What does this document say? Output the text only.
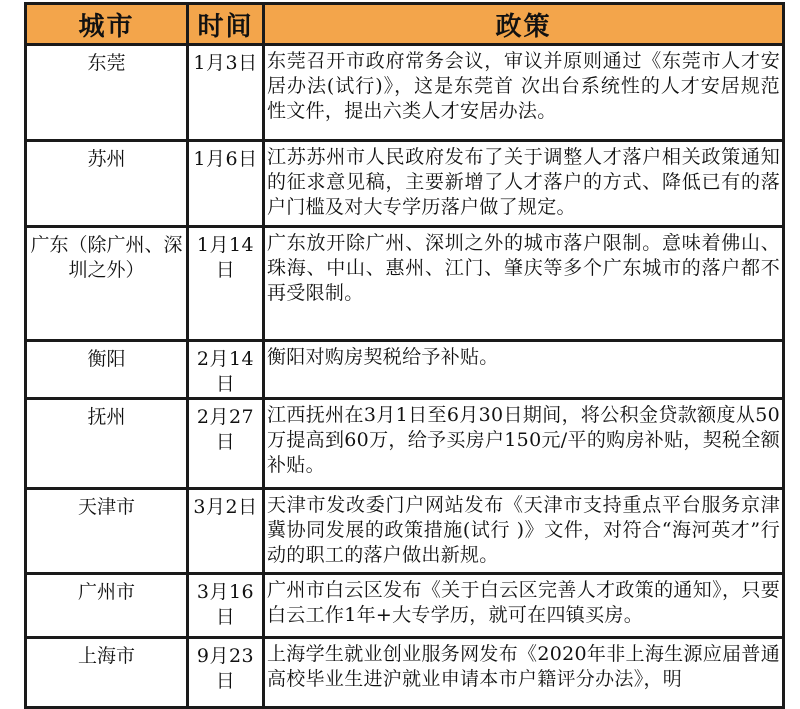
城市	时间	政策
东莞	1月3日	东莞召开市政府常务会议，审议并原则通过《东莞市人才安居办法(试行)》，这是东莞首 次出台系统性的人才安居规范性文件，提出六类人才安居办法。
苏州	1月6日	江苏苏州市人民政府发布了关于调整人才落户相关政策通知的征求意见稿，主要新增了人才落户的方式、降低已有的落户门槛及对大专学历落户做了规定。
广东（除广州、深圳之外）	1月14日	广东放开除广州、深圳之外的城市落户限制。意味着佛山、珠海、中山、惠州、江门、肇庆等多个广东城市的落户都不再受限制。
衡阳	2月14日	衡阳对购房契税给予补贴。
抚州	2月27日	江西抚州在3月1日至6月30日期间，将公积金贷款额度从50万提高到60万，给予买房户150元/平的购房补贴，契税全额补贴。
天津市	3月2日	天津市发改委门户网站发布《天津市支持重点平台服务京津冀协同发展的政策措施(试行 )》文件，对符合“海河英才”行动的职工的落户做出新规。
广州市	3月16日	广州市白云区发布《关于白云区完善人才政策的通知》，只要白云工作1年+大专学历，就可在四镇买房。
上海市	9月23日	上海学生就业创业服务网发布《2020年非上海生源应届普通高校毕业生进沪就业申请本市户籍评分办法》，明
